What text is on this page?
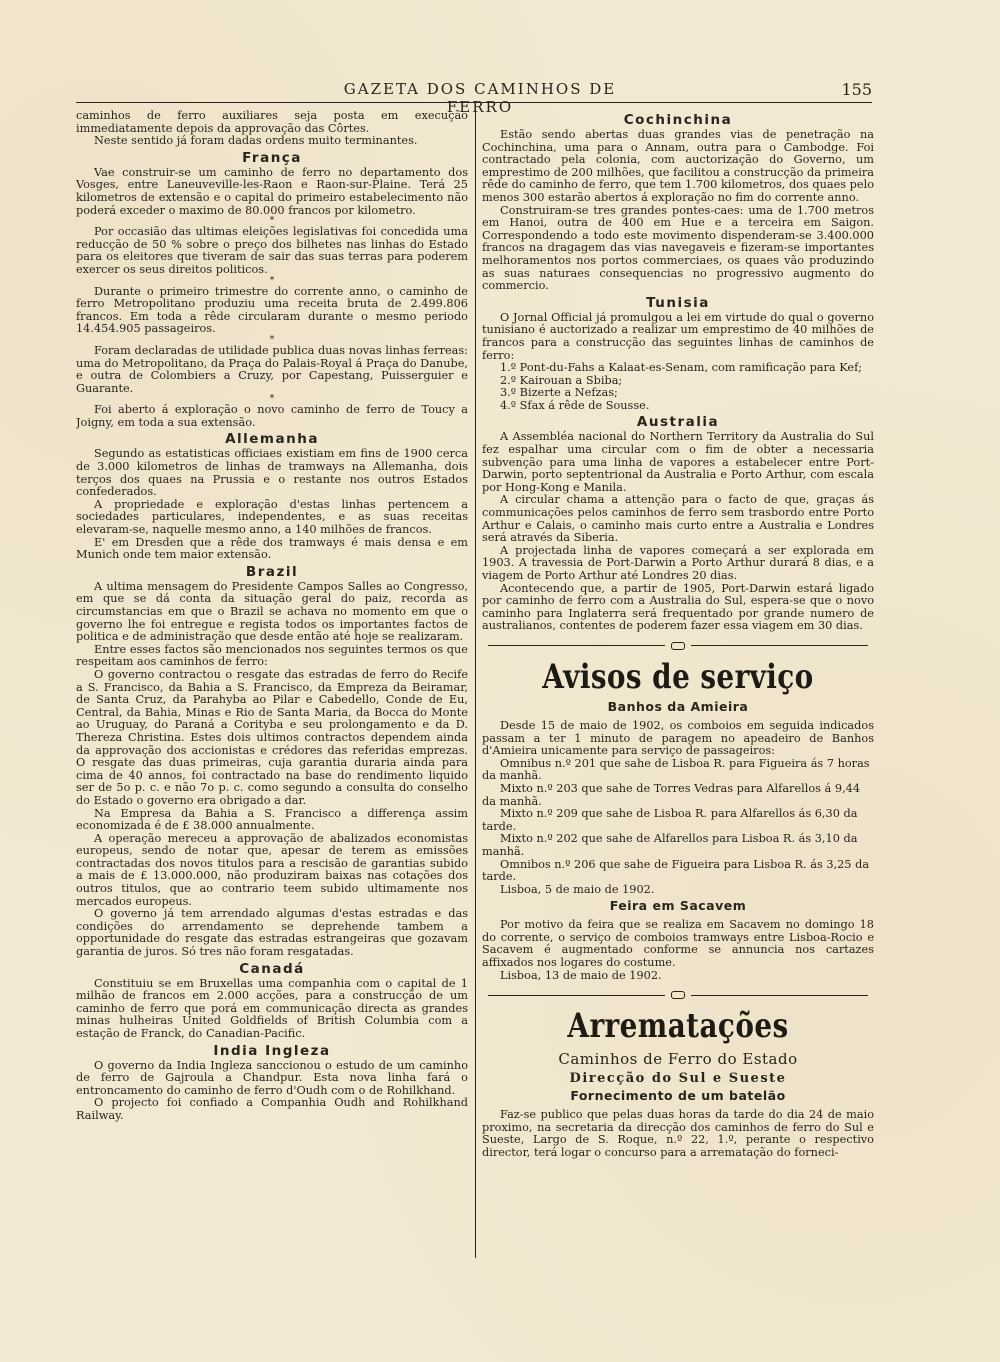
GAZETA DOS CAMINHOS DE FERRO
155

caminhos de ferro auxiliares seja posta em execução immediatamente depois da approvação das Côrtes.

Neste sentido já foram dadas ordens muito terminantes.

França

Vae construir-se um caminho de ferro no departamento dos Vosges, entre Laneuveville-les-Raon e Raon-sur-Plaine. Terá 25 kilometros de extensão e o capital do primeiro estabelecimento não poderá exceder o maximo de 80.000 francos por kilometro.

*

Por occasião das ultimas eleições legislativas foi concedida uma reducção de 50 % sobre o preço dos bilhetes nas linhas do Estado para os eleitores que tiveram de sair das suas terras para poderem exercer os seus direitos politicos.

*

Durante o primeiro trimestre do corrente anno, o caminho de ferro Metropolitano produziu uma receita bruta de 2.499.806 francos. Em toda a rêde circularam durante o mesmo periodo 14.454.905 passageiros.

*

Foram declaradas de utilidade publica duas novas linhas ferreas: uma do Metropolitano, da Praça do Palais-Royal á Praça do Danube, e outra de Colombiers a Cruzy, por Capestang, Puisserguier e Guarante.

*

Foi aberto á exploração o novo caminho de ferro de Toucy a Joigny, em toda a sua extensão.

Allemanha

Segundo as estatisticas officiaes existiam em fins de 1900 cerca de 3.000 kilometros de linhas de tramways na Allemanha, dois terços dos quaes na Prussia e o restante nos outros Estados confederados.

A propriedade e exploração d'estas linhas pertencem a sociedades particulares, independentes, e as suas receitas elevaram-se, naquelle mesmo anno, a 140 milhões de francos.

E' em Dresden que a rêde dos tramways é mais densa e em Munich onde tem maior extensão.

Brazil

A ultima mensagem do Presidente Campos Salles ao Congresso, em que se dá conta da situação geral do paiz, recorda as circumstancias em que o Brazil se achava no momento em que o governo lhe foi entregue e regista todos os importantes factos de politica e de administração que desde então até hoje se realizaram.

Entre esses factos são mencionados nos seguintes termos os que respeitam aos caminhos de ferro:

O governo contractou o resgate das estradas de ferro do Recife a S. Francisco, da Bahia a S. Francisco, da Empreza da Beiramar, de Santa Cruz, da Parahyba ao Pilar e Cabedello, Conde de Eu, Central, da Bahia, Minas e Rio de Santa Maria, da Bocca do Monte ao Uruguay, do Paraná a Corityba e seu prolongamento e da D. Thereza Christina. Estes dois ultimos contractos dependem ainda da approvação dos accionistas e crédores das referidas emprezas. O resgate das duas primeiras, cuja garantia duraria ainda para cima de 40 annos, foi contractado na base do rendimento liquido ser de 5o p. c. e não 7o p. c. como segundo a consulta do conselho do Estado o governo era obrigado a dar.

Na Empresa da Bahia a S. Francisco a differença assim economizada é de £ 38.000 annualmente.

A operação mereceu a approvação de abalizados economistas europeus, sendo de notar que, apesar de terem as emissões contractadas dos novos titulos para a rescisão de garantias subido a mais de £ 13.000.000, não produziram baixas nas cotações dos outros titulos, que ao contrario teem subido ultimamente nos mercados europeus.

O governo já tem arrendado algumas d'estas estradas e das condições do arrendamento se deprehende tambem a opportunidade do resgate das estradas estrangeiras que gozavam garantia de juros. Só tres não foram resgatadas.

Canadá

Constituiu se em Bruxellas uma companhia com o capital de 1 milhão de francos em 2.000 acções, para a construcção de um caminho de ferro que porá em communicação directa as grandes minas hulheiras United Goldfields of British Columbia com a estação de Franck, do Canadian-Pacific.

India Ingleza

O governo da India Ingleza sanccionou o estudo de um caminho de ferro de Gajroula a Chandpur. Esta nova linha fará o entroncamento do caminho de ferro d'Oudh com o de Rohilkhand.

O projecto foi confiado a Companhia Oudh and Rohilkhand Railway.

Cochinchina

Estão sendo abertas duas grandes vias de penetração na Cochinchina, uma para o Annam, outra para o Cambodge. Foi contractado pela colonia, com auctorização do Governo, um emprestimo de 200 milhões, que facilitou a construcção da primeira rêde do caminho de ferro, que tem 1.700 kilometros, dos quaes pelo menos 300 estarão abertos á exploração no fim do corrente anno.

Construiram-se tres grandes pontes-caes: uma de 1.700 metros em Hanoi, outra de 400 em Hue e a terceira em Saigon. Correspondendo a todo este movimento dispenderam-se 3.400.000 francos na dragagem das vias navegaveis e fizeram-se importantes melhoramentos nos portos commerciaes, os quaes vão produzindo as suas naturaes consequencias no progressivo augmento do commercio.

Tunisia

O Jornal Official já promulgou a lei em virtude do qual o governo tunisiano é auctorizado a realizar um emprestimo de 40 milhões de francos para a construcção das seguintes linhas de caminhos de ferro:

1.º Pont-du-Fahs a Kalaat-es-Senam, com ramificação para Kef;

2.º Kairouan a Sbiba;

3.º Bizerte a Nefzas;

4.º Sfax á rêde de Sousse.

Australia

A Assembléa nacional do Northern Territory da Australia do Sul fez espalhar uma circular com o fim de obter a necessaria subvenção para uma linha de vapores a estabelecer entre Port-Darwin, porto septentrional da Australia e Porto Arthur, com escala por Hong-Kong e Manila.

A circular chama a attenção para o facto de que, graças ás communicações pelos caminhos de ferro sem trasbordo entre Porto Arthur e Calais, o caminho mais curto entre a Australia e Londres será através da Siberia.

A projectada linha de vapores começará a ser explorada em 1903. A travessia de Port-Darwin a Porto Arthur durará 8 dias, e a viagem de Porto Arthur até Londres 20 dias.

Acontecendo que, a partir de 1905, Port-Darwin estará ligado por caminho de ferro com a Australia do Sul, espera-se que o novo caminho para Inglaterra será frequentado por grande numero de australianos, contentes de poderem fazer essa viagem em 30 dias.

Avisos de serviço
Banhos da Amieira

Desde 15 de maio de 1902, os comboios em seguida indicados passam a ter 1 minuto de paragem no apeadeiro de Banhos d'Amieira unicamente para serviço de passageiros:

Omnibus n.º 201 que sahe de Lisboa R. para Figueira ás 7 horas da manhã.

Mixto n.º 203 que sahe de Torres Vedras para Alfarellos á 9,44 da manhã.

Mixto n.º 209 que sahe de Lisboa R. para Alfarellos ás 6,30 da tarde.

Mixto n.º 202 que sahe de Alfarellos para Lisboa R. ás 3,10 da manhã.

Omnibos n.º 206 que sahe de Figueira para Lisboa R. ás 3,25 da tarde.

Lisboa, 5 de maio de 1902.

Feira em Sacavem

Por motivo da feira que se realiza em Sacavem no domingo 18 do corrente, o serviço de comboios tramways entre Lisboa-Rocio e Sacavem é augmentado conforme se annuncia nos cartazes affixados nos logares do costume.

Lisboa, 13 de maio de 1902.

Arrematações
Caminhos de Ferro do Estado
Direcção do Sul e Sueste
Fornecimento de um batelão

Faz-se publico que pelas duas horas da tarde do dia 24 de maio proximo, na secretaria da direcção dos caminhos de ferro do Sul e Sueste, Largo de S. Roque, n.º 22, 1.º, perante o respectivo director, terá logar o concurso para a arrematação do forneci-
